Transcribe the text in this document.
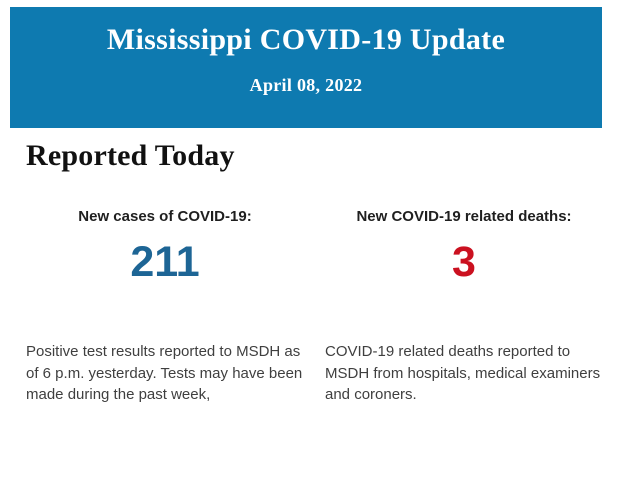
Mississippi COVID-19 Update
April 08, 2022
Reported Today
New cases of COVID-19:
211

Positive test results reported to MSDH as of 6 p.m. yesterday. Tests may have been made during the past week,

New COVID-19 related deaths:
3

COVID-19 related deaths reported to MSDH from hospitals, medical examiners and coroners.
